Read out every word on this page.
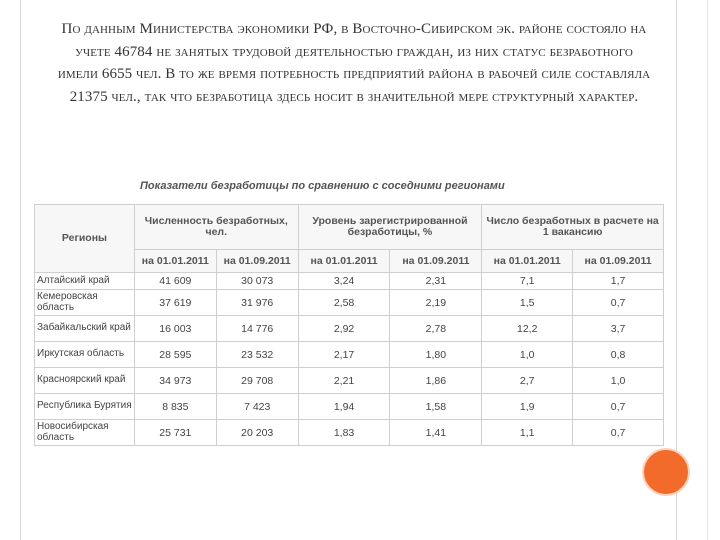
По данным Министерства экономики РФ, в Восточно-Сибирском эк. районе состояло на учете 46784 не занятых трудовой деятельностью граждан, из них статус безработного имели 6655 чел. В то же время потребность предприятий района в рабочей силе составляла 21375 чел., так что безработица здесь носит в значительной мере структурный характер.
Показатели безработицы по сравнению с соседними регионами
Регионы	Численность безработных, чел.		Уровень зарегистрированной безработицы, %		Число безработных в расчете на 1 вакансию	
	на 01.01.2011	на 01.09.2011	на 01.01.2011	на 01.09.2011	на 01.01.2011	на 01.09.2011
Алтайский край	41 609	30 073	3,24	2,31	7,1	1,7
Кемеровская область	37 619	31 976	2,58	2,19	1,5	0,7
Забайкальский край	16 003	14 776	2,92	2,78	12,2	3,7
Иркутская область	28 595	23 532	2,17	1,80	1,0	0,8
Красноярский край	34 973	29 708	2,21	1,86	2,7	1,0
Республика Бурятия	8 835	7 423	1,94	1,58	1,9	0,7
Новосибирская область	25 731	20 203	1,83	1,41	1,1	0,7
